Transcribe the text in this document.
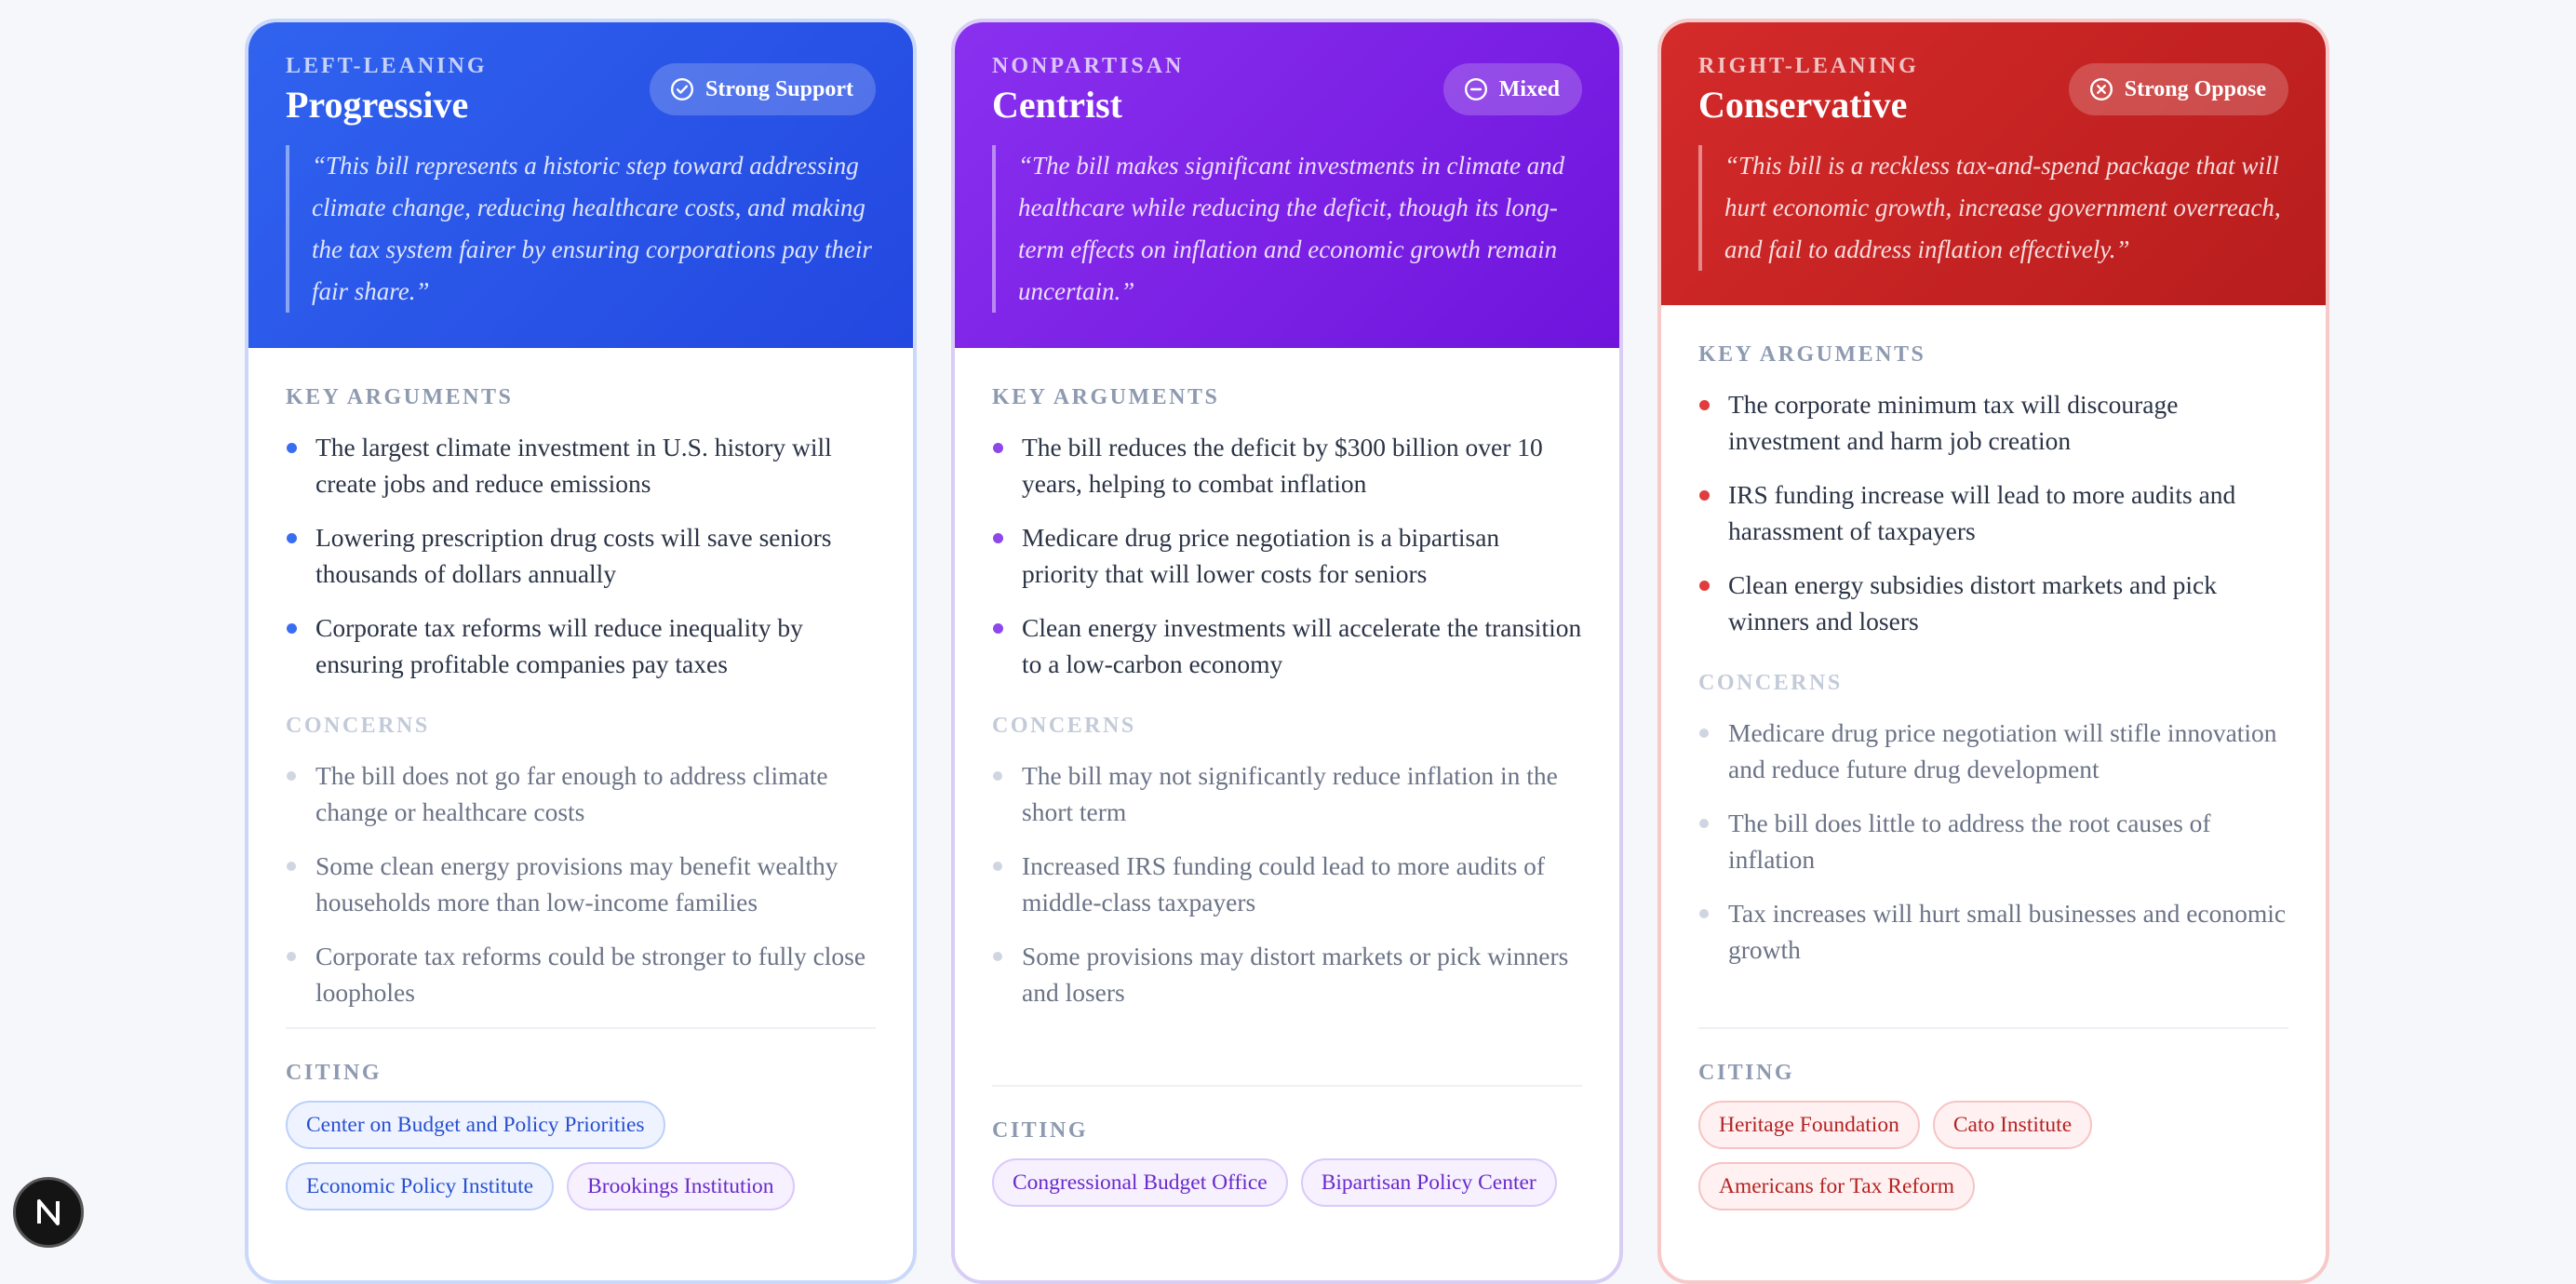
LEFT-LEANING
Progressive	Strong Support
“This bill represents a historic step toward addressing climate change, reducing healthcare costs, and making the tax system fairer by ensuring corporations pay their fair share.”
KEY ARGUMENTS
The largest climate investment in U.S. history will create jobs and reduce emissions
Lowering prescription drug costs will save seniors thousands of dollars annually
Corporate tax reforms will reduce inequality by ensuring profitable companies pay taxes
CONCERNS
The bill does not go far enough to address climate change or healthcare costs
Some clean energy provisions may benefit wealthy households more than low-income families
Corporate tax reforms could be stronger to fully close loopholes
CITING
Center on Budget and Policy Priorities
Economic Policy Institute	Brookings Institution
NONPARTISAN
Centrist	Mixed
“The bill makes significant investments in climate and healthcare while reducing the deficit, though its long-term effects on inflation and economic growth remain uncertain.”
KEY ARGUMENTS
The bill reduces the deficit by $300 billion over 10 years, helping to combat inflation
Medicare drug price negotiation is a bipartisan priority that will lower costs for seniors
Clean energy investments will accelerate the transition to a low-carbon economy
CONCERNS
The bill may not significantly reduce inflation in the short term
Increased IRS funding could lead to more audits of middle-class taxpayers
Some provisions may distort markets or pick winners and losers
CITING
Congressional Budget Office	Bipartisan Policy Center
RIGHT-LEANING
Conservative	Strong Oppose
“This bill is a reckless tax-and-spend package that will hurt economic growth, increase government overreach, and fail to address inflation effectively.”
KEY ARGUMENTS
The corporate minimum tax will discourage investment and harm job creation
IRS funding increase will lead to more audits and harassment of taxpayers
Clean energy subsidies distort markets and pick winners and losers
CONCERNS
Medicare drug price negotiation will stifle innovation and reduce future drug development
The bill does little to address the root causes of inflation
Tax increases will hurt small businesses and economic growth
CITING
Heritage Foundation	Cato Institute
Americans for Tax Reform
